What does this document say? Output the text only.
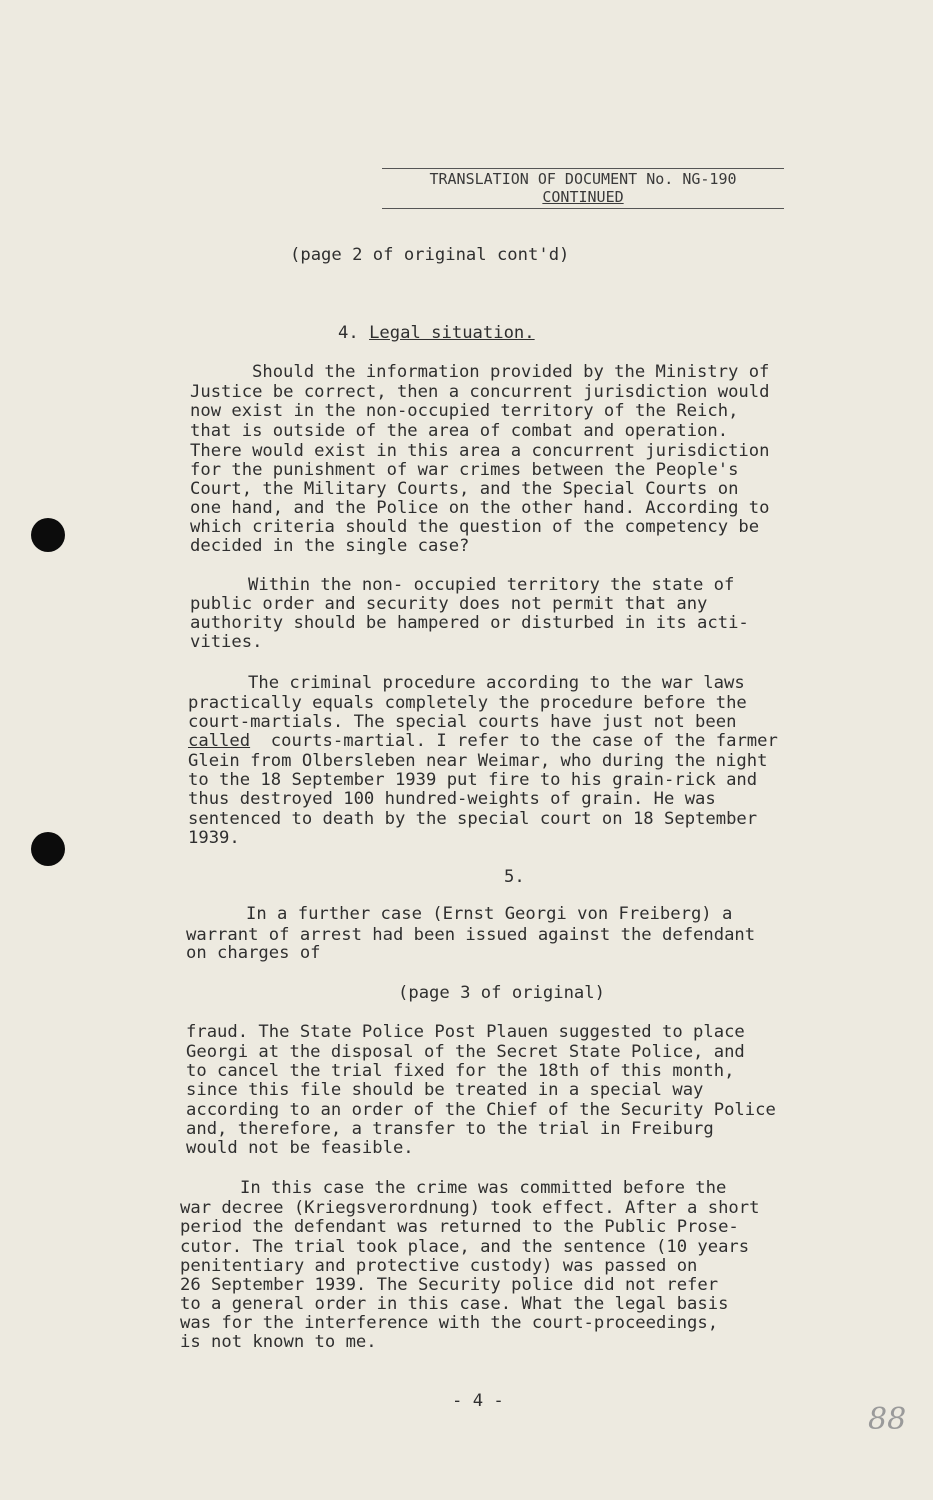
TRANSLATION OF DOCUMENT No. NG-190
CONTINUED
(page 2 of original cont'd)
4. Legal situation.
Should the information provided by the Ministry of
Justice be correct, then a concurrent jurisdiction would
now exist in the non-occupied territory of the Reich,
that is outside of the area of combat and operation.
There would exist in this area a concurrent jurisdiction
for the punishment of war crimes between the People's
Court, the Military Courts, and the Special Courts on
one hand, and the Police on the other hand. According to
which criteria should the question of the competency be
decided in the single case?
Within the non- occupied territory the state of
public order and security does not permit that any
authority should be hampered or disturbed in its acti-
vities.
The criminal procedure according to the war laws
practically equals completely the procedure before the
court-martials. The special courts have just not been
called  courts-martial. I refer to the case of the farmer
Glein from Olbersleben near Weimar, who during the night
to the 18 September 1939 put fire to his grain-rick and
thus destroyed 100 hundred-weights of grain. He was
sentenced to death by the special court on 18 September
1939.
5.
In a further case (Ernst Georgi von Freiberg) a
warrant of arrest had been issued against the defendant
on charges of
(page 3 of original)
fraud. The State Police Post Plauen suggested to place
Georgi at the disposal of the Secret State Police, and
to cancel the trial fixed for the 18th of this month,
since this file should be treated in a special way
according to an order of the Chief of the Security Police
and, therefore, a transfer to the trial in Freiburg
would not be feasible.
In this case the crime was committed before the
war decree (Kriegsverordnung) took effect. After a short
period the defendant was returned to the Public Prose-
cutor. The trial took place, and the sentence (10 years
penitentiary and protective custody) was passed on
26 September 1939. The Security police did not refer
to a general order in this case. What the legal basis
was for the interference with the court-proceedings,
is not known to me.
- 4 -
88
